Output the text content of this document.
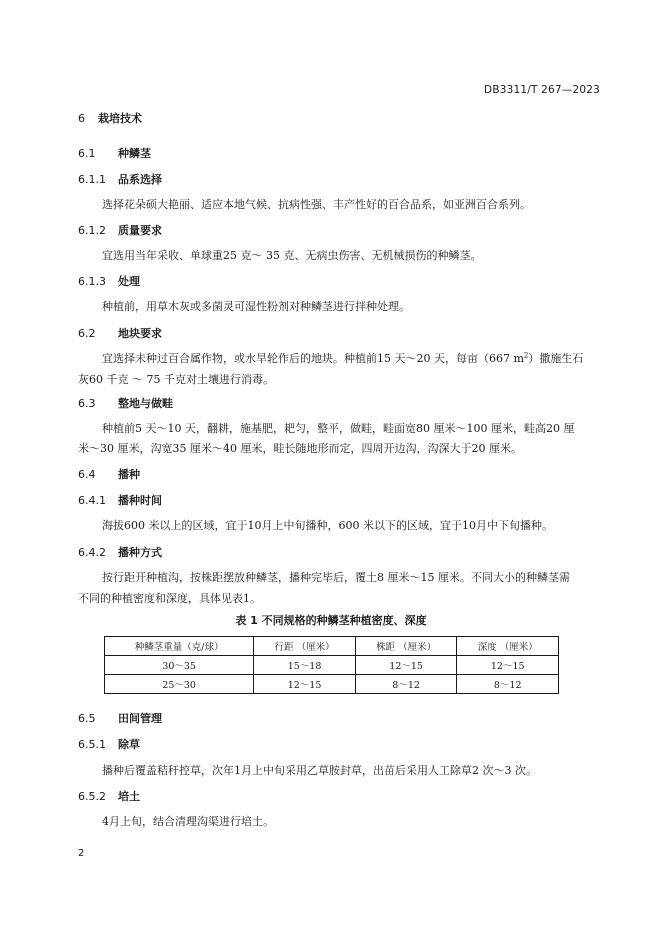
DB3311/T 267—2023
6 栽培技术
6.1 种鳞茎
6.1.1 品系选择
选择花朵硕大艳丽、适应本地气候、抗病性强、丰产性好的百合品系，如亚洲百合系列。
6.1.2 质量要求
宜选用当年采收、单球重25 克～ 35 克、无病虫伤害、无机械损伤的种鳞茎。
6.1.3 处理
种植前，用草木灰或多菌灵可湿性粉剂对种鳞茎进行拌种处理。
6.2 地块要求
宜选择未种过百合属作物，或水旱轮作后的地块。种植前15 天～20 天，每亩（667 $m^2$）撒施生石
灰60 千克 ～ 75 千克对土壤进行消毒。
6.3 整地与做畦
种植前5 天～10 天，翻耕，施基肥，耙匀，整平，做畦，畦面宽80 厘米～100 厘米，畦高20 厘
米～30 厘米，沟宽35 厘米～40 厘米，畦长随地形而定，四周开边沟，沟深大于20 厘米。
6.4 播种
6.4.1 播种时间
海拔600 米以上的区域，宜于10月上中旬播种，600 米以下的区域，宜于10月中下旬播种。
6.4.2 播种方式
按行距开种植沟，按株距摆放种鳞茎，播种完毕后，覆土8 厘米～15 厘米。不同大小的种鳞茎需
不同的种植密度和深度，具体见表1。
表 1 不同规格的种鳞茎种植密度、深度
种鳞茎重量（克/球）	行距 （厘米）	株距 （厘米）	深度 （厘米）
30～35	15～18	12～15	12～15
25～30	12～15	8～12	8～12
6.5 田间管理
6.5.1 除草
播种后覆盖秸秆控草，次年1月上中旬采用乙草胺封草，出苗后采用人工除草2 次～3 次。
6.5.2 培土
4月上旬，结合清理沟渠进行培土。
2
